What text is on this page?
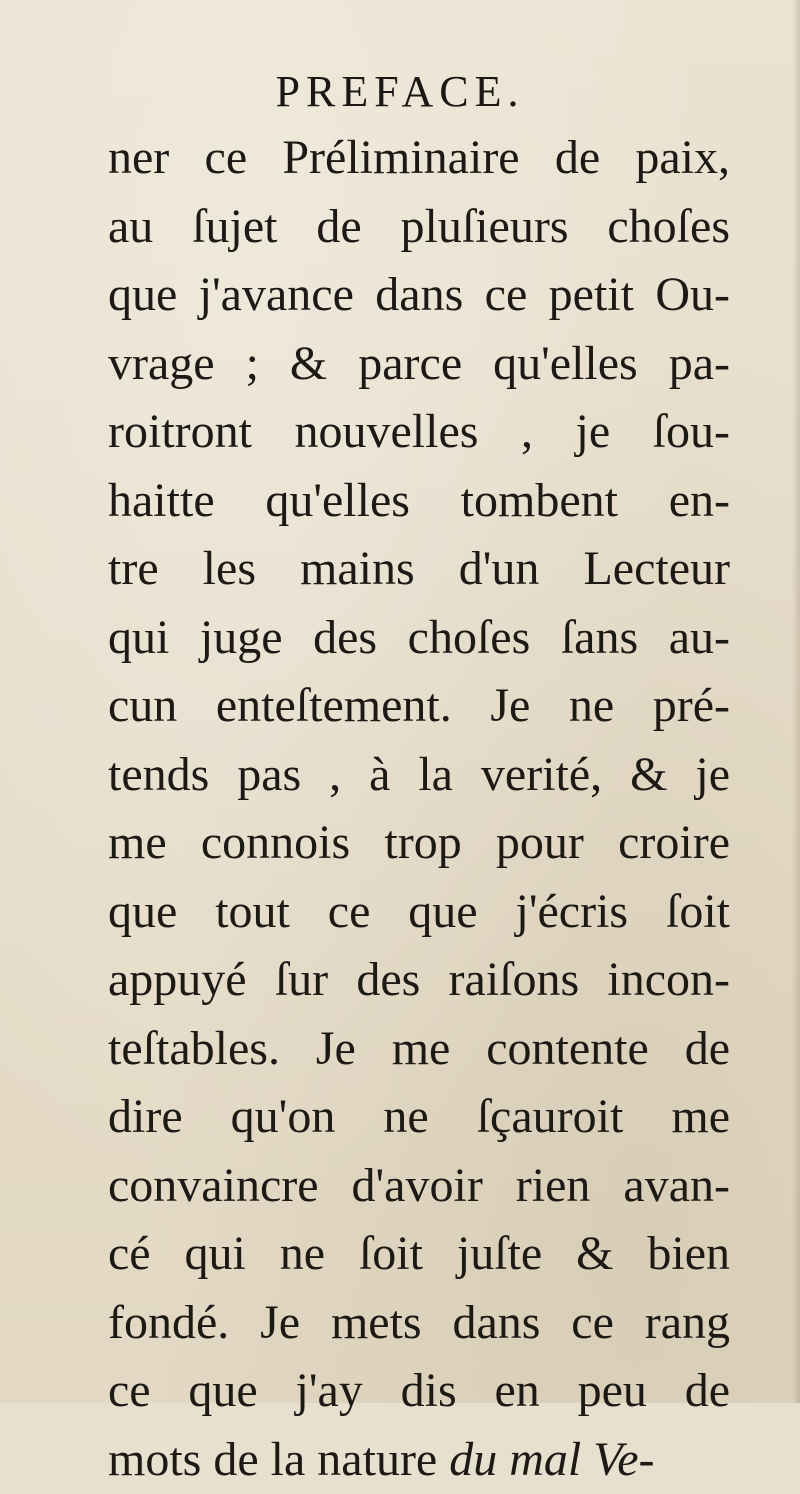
PREFACE.
ner ce Préliminaire de paix,
au ſujet de pluſieurs choſes
que j'avance dans ce petit Ou-
vrage ; & parce qu'elles pa-
roitront nouvelles , je ſou-
haitte qu'elles tombent en-
tre les mains d'un Lecteur
qui juge des choſes ſans au-
cun enteſtement. Je ne pré-
tends pas , à la verité, & je
me connois trop pour croire
que tout ce que j'écris ſoit
appuyé ſur des raiſons incon-
teſtables. Je me contente de
dire qu'on ne ſçauroit me
convaincre d'avoir rien avan-
cé qui ne ſoit juſte & bien
fondé. Je mets dans ce rang
ce que j'ay dis en peu de
mots de la nature du mal Ve-
